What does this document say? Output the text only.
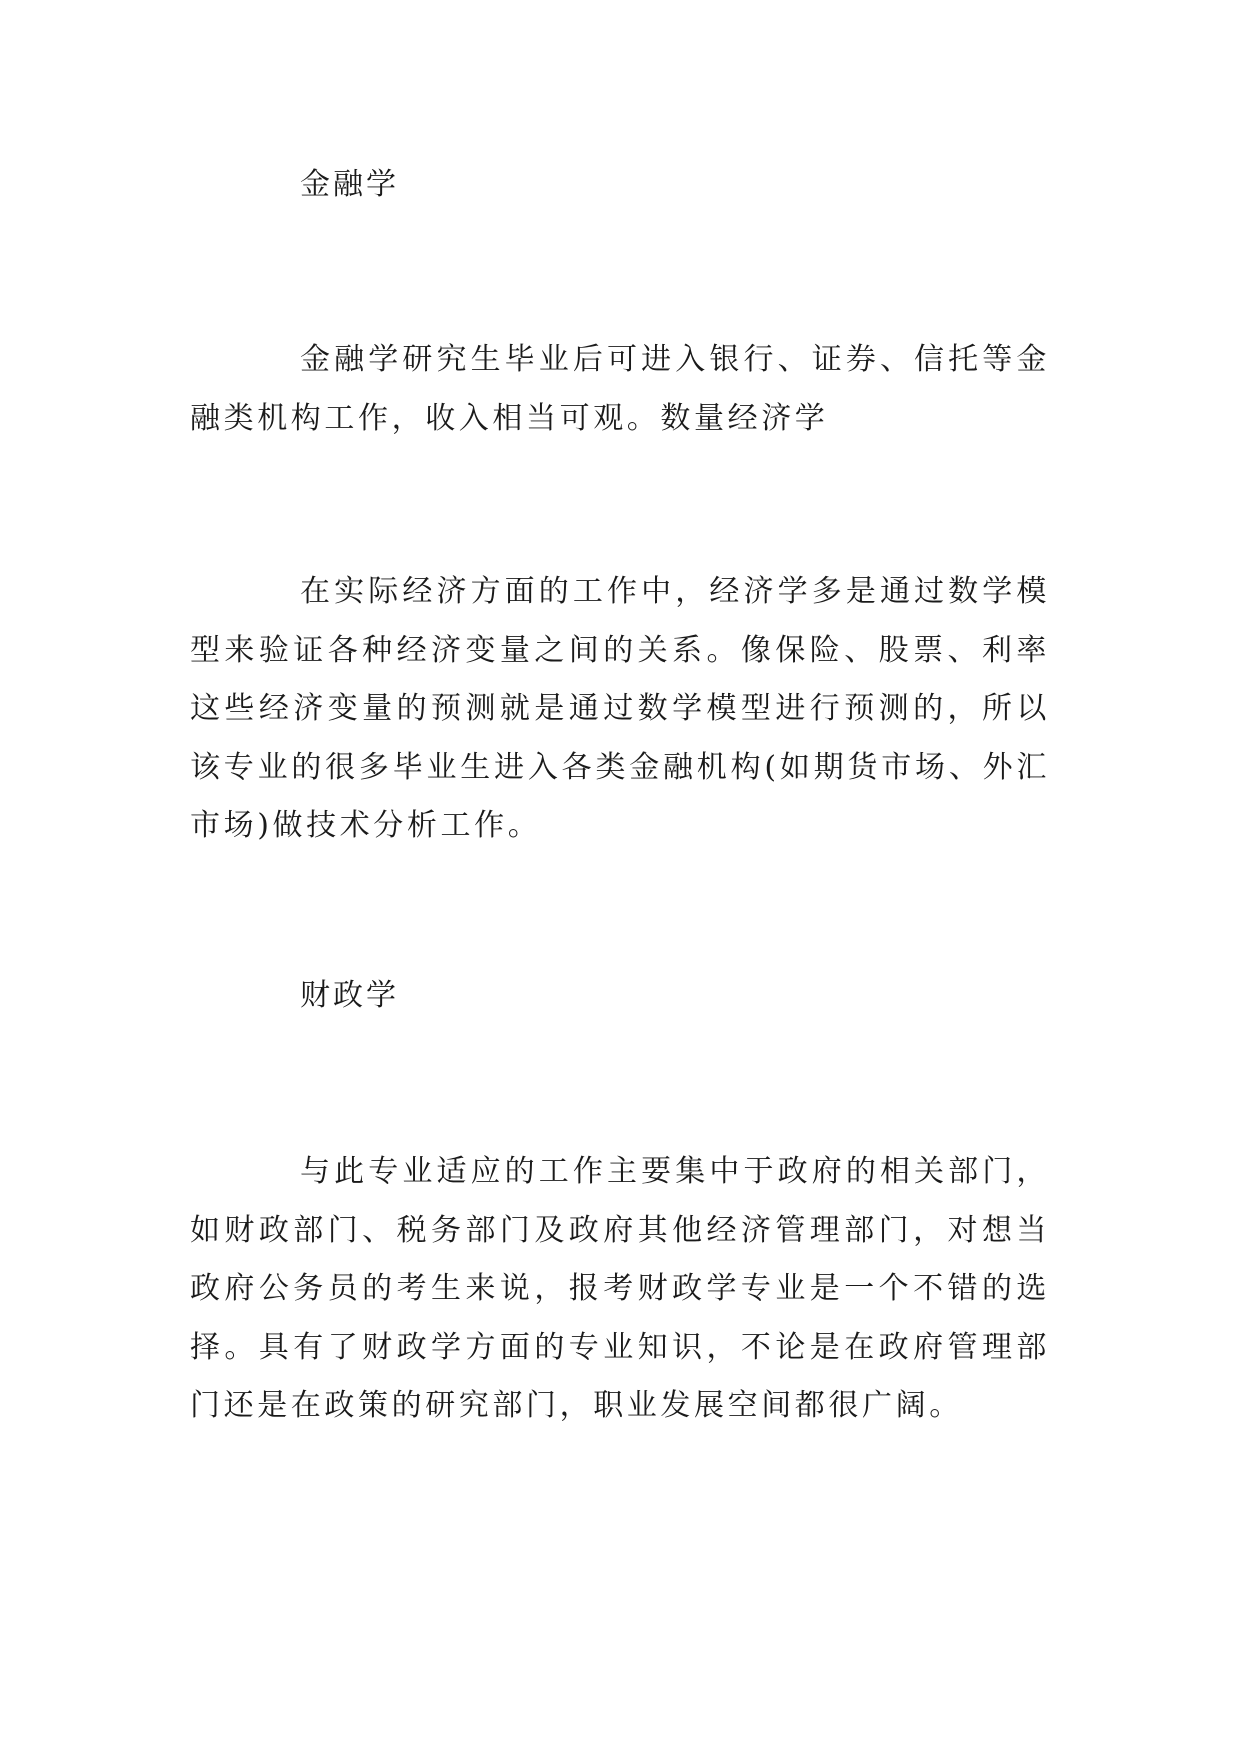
金融学

金融学研究生毕业后可进入银行、证券、信托等金融类机构工作，收入相当可观。数量经济学

在实际经济方面的工作中，经济学多是通过数学模型来验证各种经济变量之间的关系。像保险、股票、利率这些经济变量的预测就是通过数学模型进行预测的，所以该专业的很多毕业生进入各类金融机构(如期货市场、外汇市场)做技术分析工作。

财政学

与此专业适应的工作主要集中于政府的相关部门，如财政部门、税务部门及政府其他经济管理部门，对想当政府公务员的考生来说，报考财政学专业是一个不错的选择。具有了财政学方面的专业知识，不论是在政府管理部门还是在政策的研究部门，职业发展空间都很广阔。
